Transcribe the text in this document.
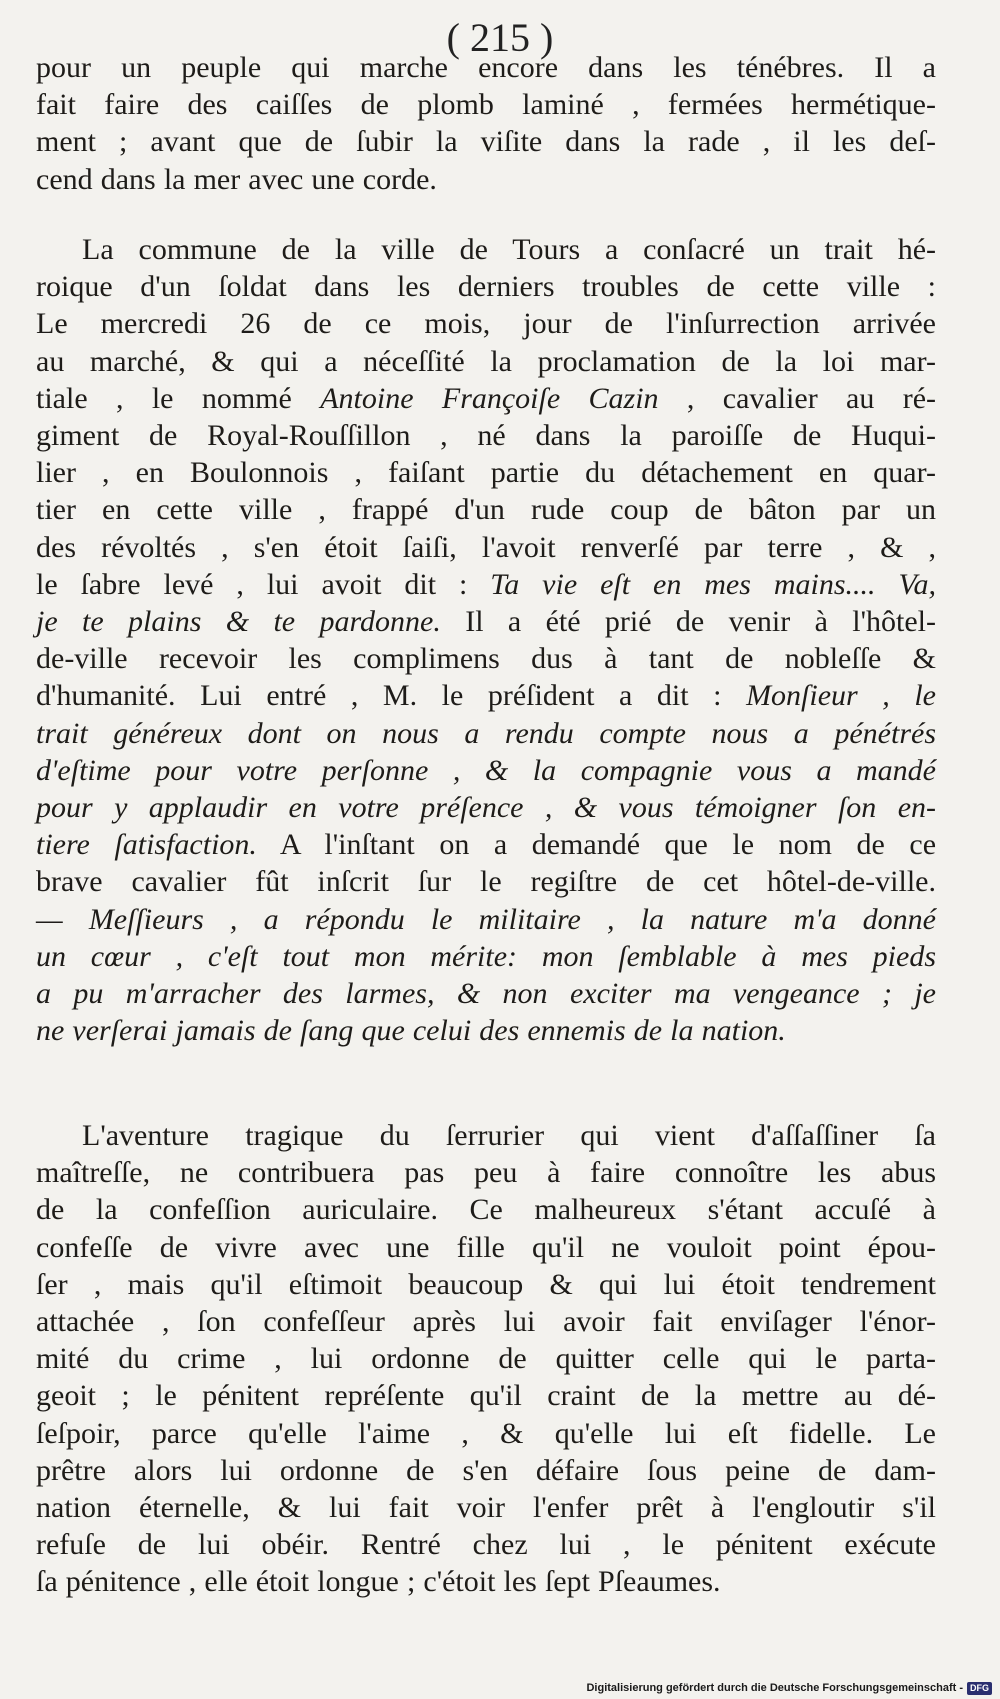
( 215 )
pour un peuple qui marche encore dans les ténébres. Il a
fait faire des caiſſes de plomb laminé , fermées hermétique-
ment ; avant que de ſubir la viſite dans la rade , il les deſ-
cend dans la mer avec une corde.
La commune de la ville de Tours a conſacré un trait hé-
roique d'un ſoldat dans les derniers troubles de cette ville :
Le mercredi 26 de ce mois, jour de l'inſurrection arrivée
au marché, & qui a néceſſité la proclamation de la loi mar-
tiale , le nommé Antoine Françoiſe Cazin , cavalier au ré-
giment de Royal-Rouſſillon , né dans la paroiſſe de Huqui-
lier , en Boulonnois , faiſant partie du détachement en quar-
tier en cette ville , frappé d'un rude coup de bâton par un
des révoltés , s'en étoit ſaiſi, l'avoit renverſé par terre , & ,
le ſabre levé , lui avoit dit : Ta vie eſt en mes mains.... Va,
je te plains & te pardonne. Il a été prié de venir à l'hôtel-
de-ville recevoir les complimens dus à tant de nobleſſe &
d'humanité. Lui entré , M. le préſident a dit : Monſieur , le
trait généreux dont on nous a rendu compte nous a pénétrés
d'eſtime pour votre perſonne , & la compagnie vous a mandé
pour y applaudir en votre préſence , & vous témoigner ſon en-
tiere ſatisfaction. A l'inſtant on a demandé que le nom de ce
brave cavalier fût inſcrit ſur le regiſtre de cet hôtel-de-ville.
— Meſſieurs , a répondu le militaire , la nature m'a donné
un cœur , c'eſt tout mon mérite: mon ſemblable à mes pieds
a pu m'arracher des larmes, & non exciter ma vengeance ; je
ne verſerai jamais de ſang que celui des ennemis de la nation.
L'aventure tragique du ſerrurier qui vient d'aſſaſſiner ſa
maîtreſſe, ne contribuera pas peu à faire connoître les abus
de la confeſſion auriculaire. Ce malheureux s'étant accuſé à
confeſſe de vivre avec une fille qu'il ne vouloit point épou-
ſer , mais qu'il eſtimoit beaucoup & qui lui étoit tendrement
attachée , ſon confeſſeur après lui avoir fait enviſager l'énor-
mité du crime , lui ordonne de quitter celle qui le parta-
geoit ; le pénitent repréſente qu'il craint de la mettre au dé-
ſeſpoir, parce qu'elle l'aime , & qu'elle lui eſt fidelle. Le
prêtre alors lui ordonne de s'en défaire ſous peine de dam-
nation éternelle, & lui fait voir l'enfer prêt à l'engloutir s'il
refuſe de lui obéir. Rentré chez lui , le pénitent exécute
ſa pénitence , elle étoit longue ; c'étoit les ſept Pſeaumes.
Digitalisierung gefördert durch die Deutsche Forschungsgemeinschaft - DFG
